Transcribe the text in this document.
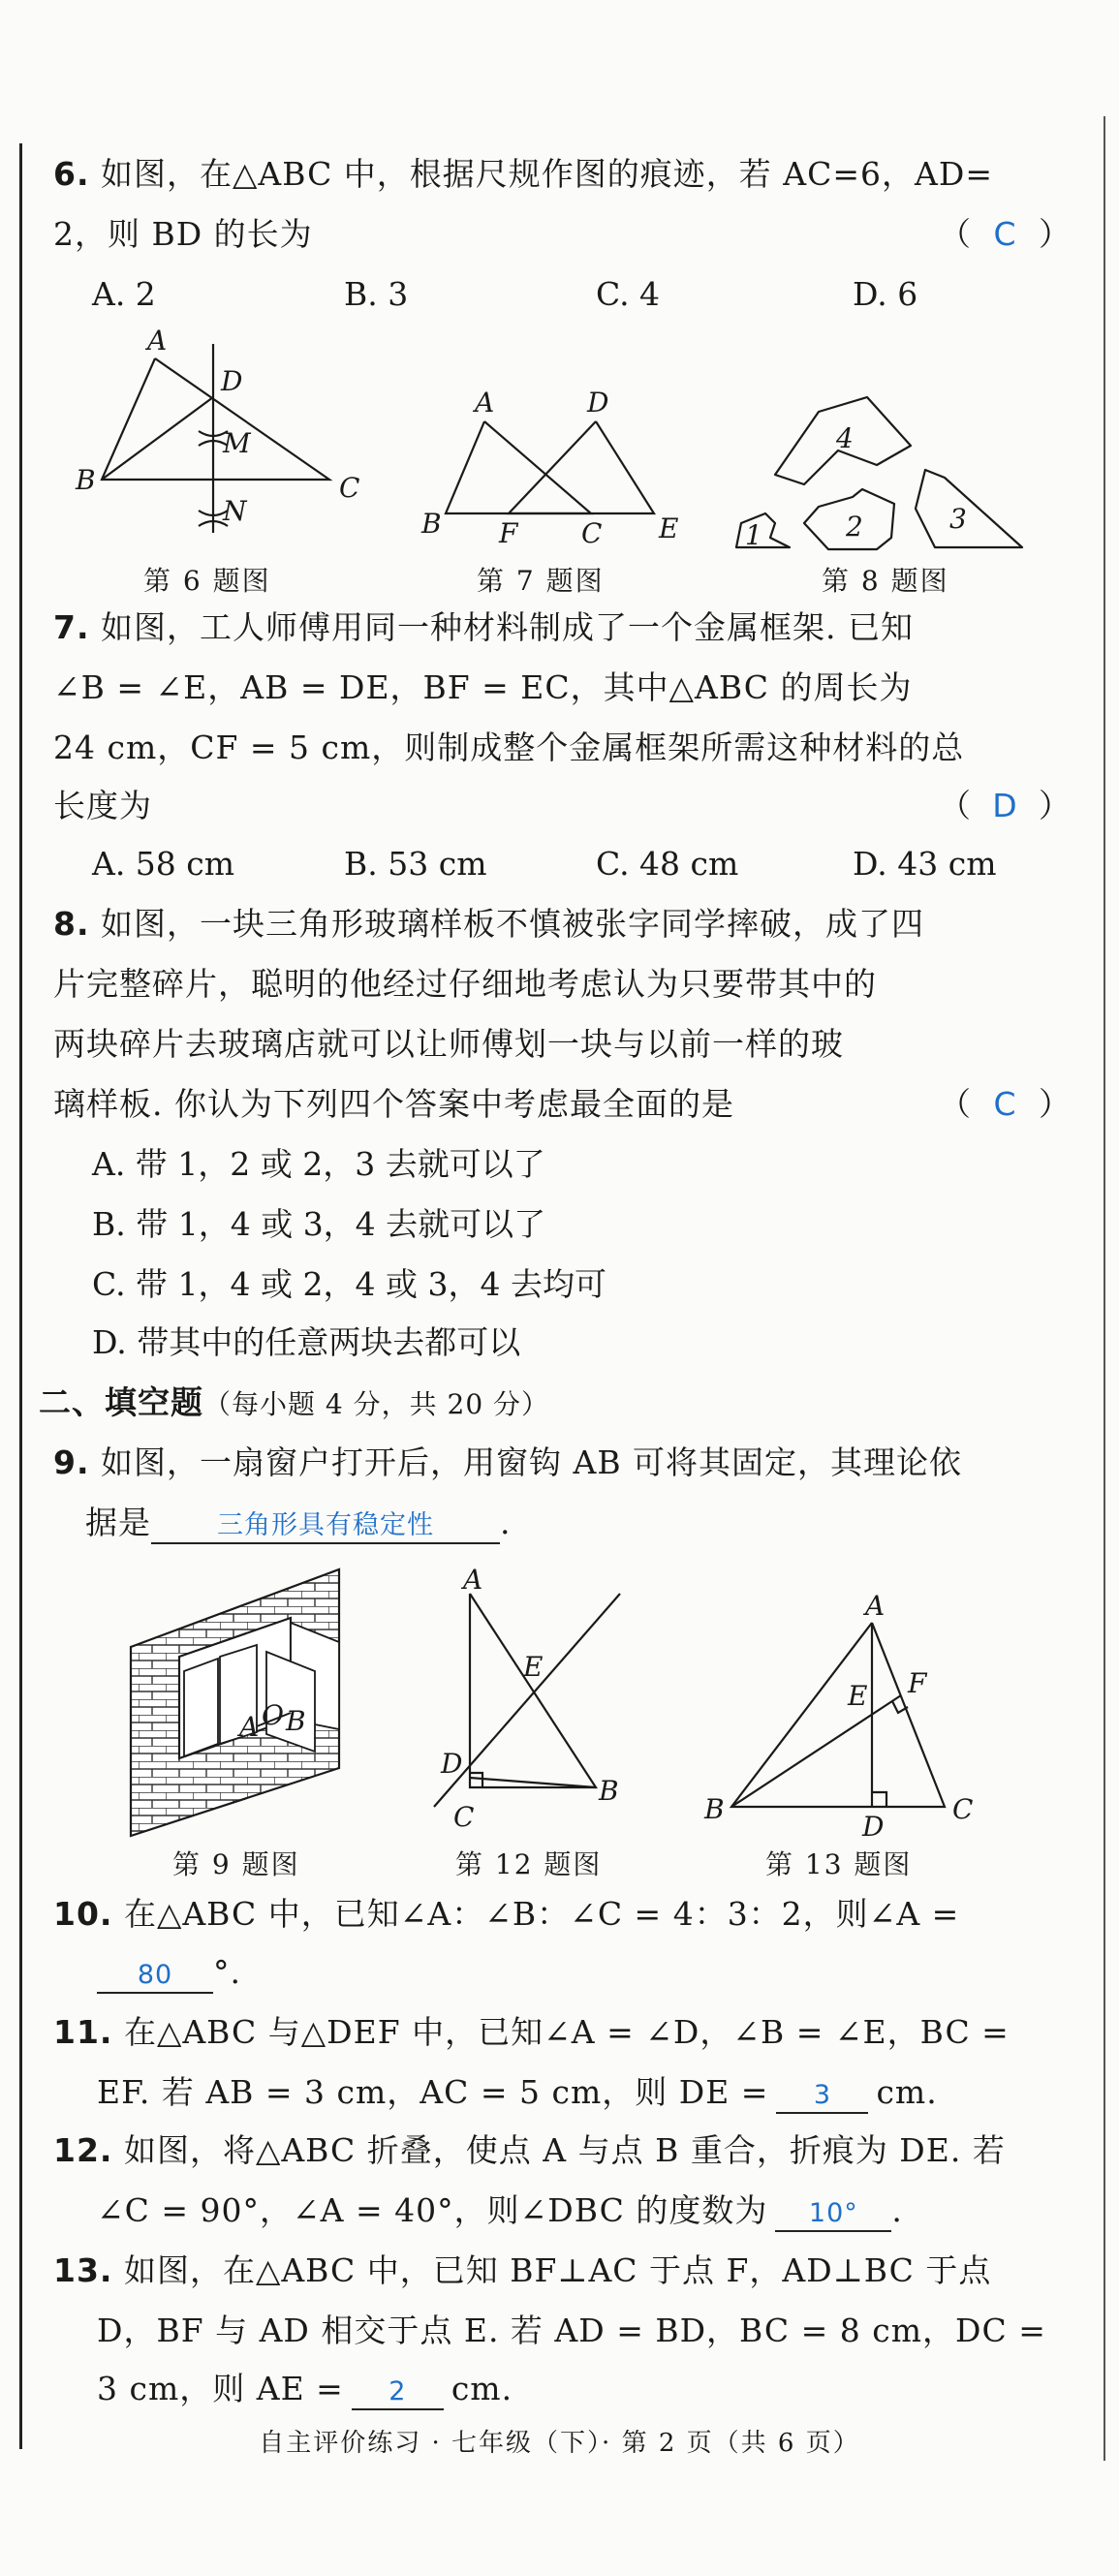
6. 如图，在△ABC 中，根据尺规作图的痕迹，若 AC=6，AD=
2，则 BD 的长为	（ C ）
A. 2	B. 3	C. 4	D. 6
A
D
M
B
N
C
第 6 题图
A	D
B F C E
第 7 题图
4
1	2	3
第 8 题图
7. 如图，工人师傅用同一种材料制成了一个金属框架. 已知
∠B = ∠E，AB = DE，BF = EC，其中△ABC 的周长为
24 cm，CF = 5 cm，则制成整个金属框架所需这种材料的总
长度为	（ D ）
A. 58 cm	B. 53 cm	C. 48 cm	D. 43 cm
8. 如图，一块三角形玻璃样板不慎被张字同学摔破，成了四
片完整碎片，聪明的他经过仔细地考虑认为只要带其中的
两块碎片去玻璃店就可以让师傅划一块与以前一样的玻
璃样板. 你认为下列四个答案中考虑最全面的是	（ C ）
A. 带 1，2 或 2，3 去就可以了
B. 带 1，4 或 3，4 去就可以了
C. 带 1，4 或 2，4 或 3，4 去均可
D. 带其中的任意两块去都可以
二、填空题（每小题 4 分，共 20 分）
9. 如图，一扇窗户打开后，用窗钩 AB 可将其固定，其理论依
据是	三角形具有稳定性 .
A O B
第 9 题图
A
E
D
C
B
第 12 题图
A
F
E
B
D
C
第 13 题图
10. 在△ABC 中，已知∠A：∠B：∠C = 4：3：2，则∠A =
80 °.
11. 在△ABC 与△DEF 中，已知∠A = ∠D，∠B = ∠E，BC =
EF. 若 AB = 3 cm，AC = 5 cm，则 DE = 3 cm.
12. 如图，将△ABC 折叠，使点 A 与点 B 重合，折痕为 DE. 若
∠C = 90°，∠A = 40°，则∠DBC 的度数为 10° .
13. 如图，在△ABC 中，已知 BF⊥AC 于点 F，AD⊥BC 于点
D，BF 与 AD 相交于点 E. 若 AD = BD，BC = 8 cm，DC =
3 cm，则 AE = 2 cm.
自主评价练习 · 七年级（下）· 第 2 页（共 6 页）
